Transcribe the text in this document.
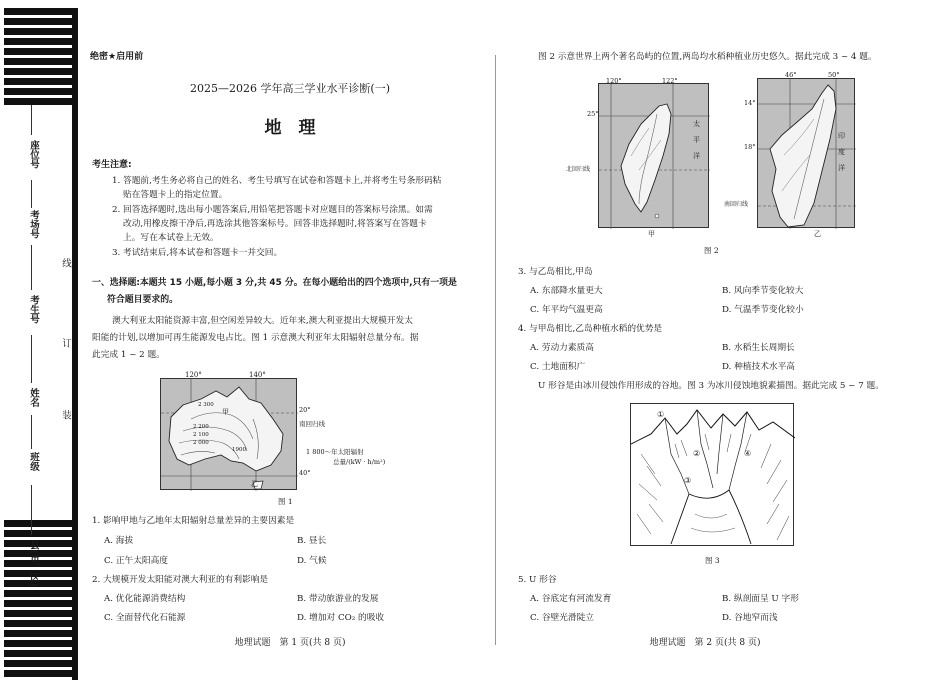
座位号
考场号
考生号
姓名
班级
县(市、区)
线
订
装
绝密★启用前
2025—2026 学年高三学业水平诊断(一)
地　理
考生注意:
1. 答题前,考生务必将自己的姓名、考生号填写在试卷和答题卡上,并将考生号条形码粘
贴在答题卡上的指定位置。
2. 回答选择题时,选出每小题答案后,用铅笔把答题卡对应题目的答案标号涂黑。如需
改动,用橡皮擦干净后,再选涂其他答案标号。回答非选择题时,将答案写在答题卡
上。写在本试卷上无效。
3. 考试结束后,将本试卷和答题卡一并交回。
一、选择题:本题共 15 小题,每小题 3 分,共 45 分。在每小题给出的四个选项中,只有一项是
符合题目要求的。
澳大利亚太阳能资源丰富,但空闲差异较大。近年来,澳大利亚提出大规模开发太
阳能的计划,以增加可再生能源发电占比。图 1 示意澳大利亚年太阳辐射总量分布。据
此完成 1 ~ 2 题。
120°	140°
20°
南回归线
40°
2 300
2 200
2 100
2 000
1900
甲
乙
1 800～年太阳辐射
总量/(kW · h/m²)
图 1
1. 影响甲地与乙地年太阳辐射总量差异的主要因素是
A. 海拔	B. 昼长
C. 正午太阳高度	D. 气候
2. 大规模开发太阳能对澳大利亚的有利影响是
A. 优化能源消费结构	B. 带动旅游业的发展
C. 全面替代化石能源	D. 增加对 CO₂ 的吸收
地理试题　第 1 页(共 8 页)
图 2 示意世界上两个著名岛屿的位置,两岛均水稻种植业历史悠久。据此完成 3 ~ 4 题。
120°	122°
25°
北回归线
太
平
洋
甲
46°	50°
14°
18°
南回归线
印
度
洋
乙
图 2
3. 与乙岛相比,甲岛
A. 东部降水量更大	B. 风向季节变化较大
C. 年平均气温更高	D. 气温季节变化较小
4. 与甲岛相比,乙岛种植水稻的优势是
A. 劳动力素质高	B. 水稻生长周期长
C. 土地面积广	D. 种植技术水平高
U 形谷是由冰川侵蚀作用形成的谷地。图 3 为冰川侵蚀地貌素描图。据此完成 5 ~ 7 题。
①
②
③
④
图 3
5. U 形谷
A. 谷底定有河流发育	B. 纵剖面呈 U 字形
C. 谷壁光滑陡立	D. 谷地窄而浅
地理试题　第 2 页(共 8 页)
